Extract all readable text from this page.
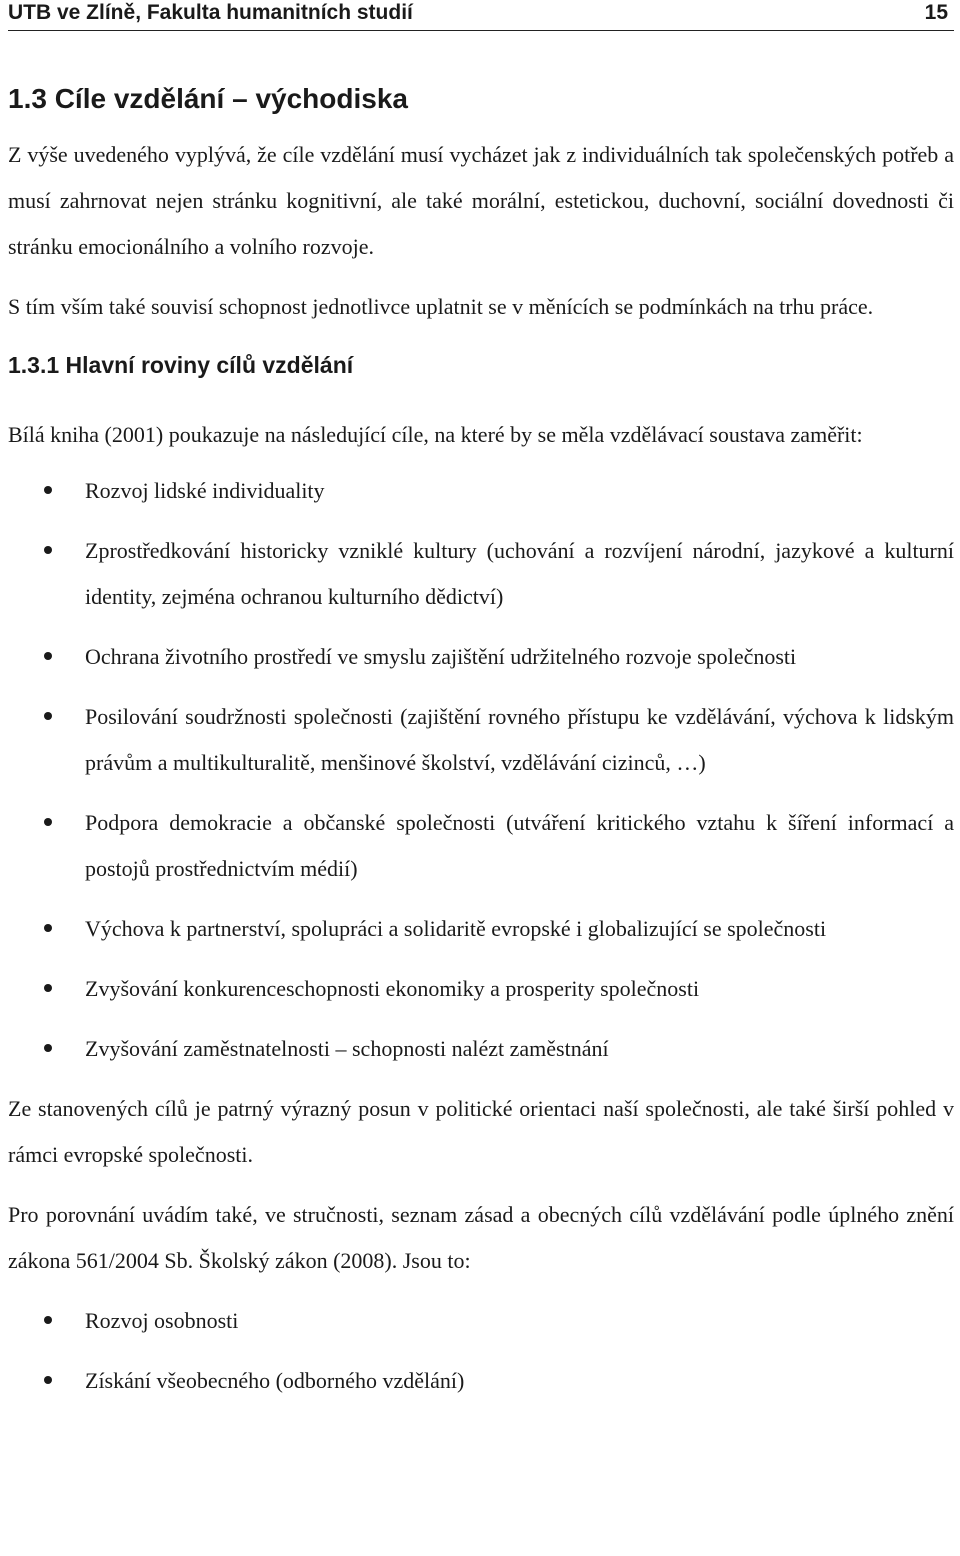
UTB ve Zlíně, Fakulta humanitních studií	15
1.3 Cíle vzdělání – východiska

Z výše uvedeného vyplývá, že cíle vzdělání musí vycházet jak z individuálních tak společenských potřeb a musí zahrnovat nejen stránku kognitivní, ale také morální, estetickou, duchovní, sociální dovednosti či stránku emocionálního a volního rozvoje.

S tím vším také souvisí schopnost jednotlivce uplatnit se v měnících se podmínkách na trhu práce.

1.3.1 Hlavní roviny cílů vzdělání

Bílá kniha (2001) poukazuje na následující cíle, na které by se měla vzdělávací soustava zaměřit:

Rozvoj lidské individuality
Zprostředkování historicky vzniklé kultury (uchování a rozvíjení národní, jazykové a kulturní identity, zejména ochranou kulturního dědictví)
Ochrana životního prostředí ve smyslu zajištění udržitelného rozvoje společnosti
Posilování soudržnosti společnosti (zajištění rovného přístupu ke vzdělávání, výchova k lidským právům a multikulturalitě, menšinové školství, vzdělávání cizinců, …)
Podpora demokracie a občanské společnosti (utváření kritického vztahu k šíření informací a postojů prostřednictvím médií)
Výchova k partnerství, spolupráci a solidaritě evropské i globalizující se společnosti
Zvyšování konkurenceschopnosti ekonomiky a prosperity společnosti
Zvyšování zaměstnatelnosti – schopnosti nalézt zaměstnání

Ze stanovených cílů je patrný výrazný posun v politické orientaci naší společnosti, ale také širší pohled v rámci evropské společnosti.

Pro porovnání uvádím také, ve stručnosti, seznam zásad a obecných cílů vzdělávání podle úplného znění zákona 561/2004 Sb. Školský zákon (2008). Jsou to:

Rozvoj osobnosti
Získání všeobecného (odborného vzdělání)
